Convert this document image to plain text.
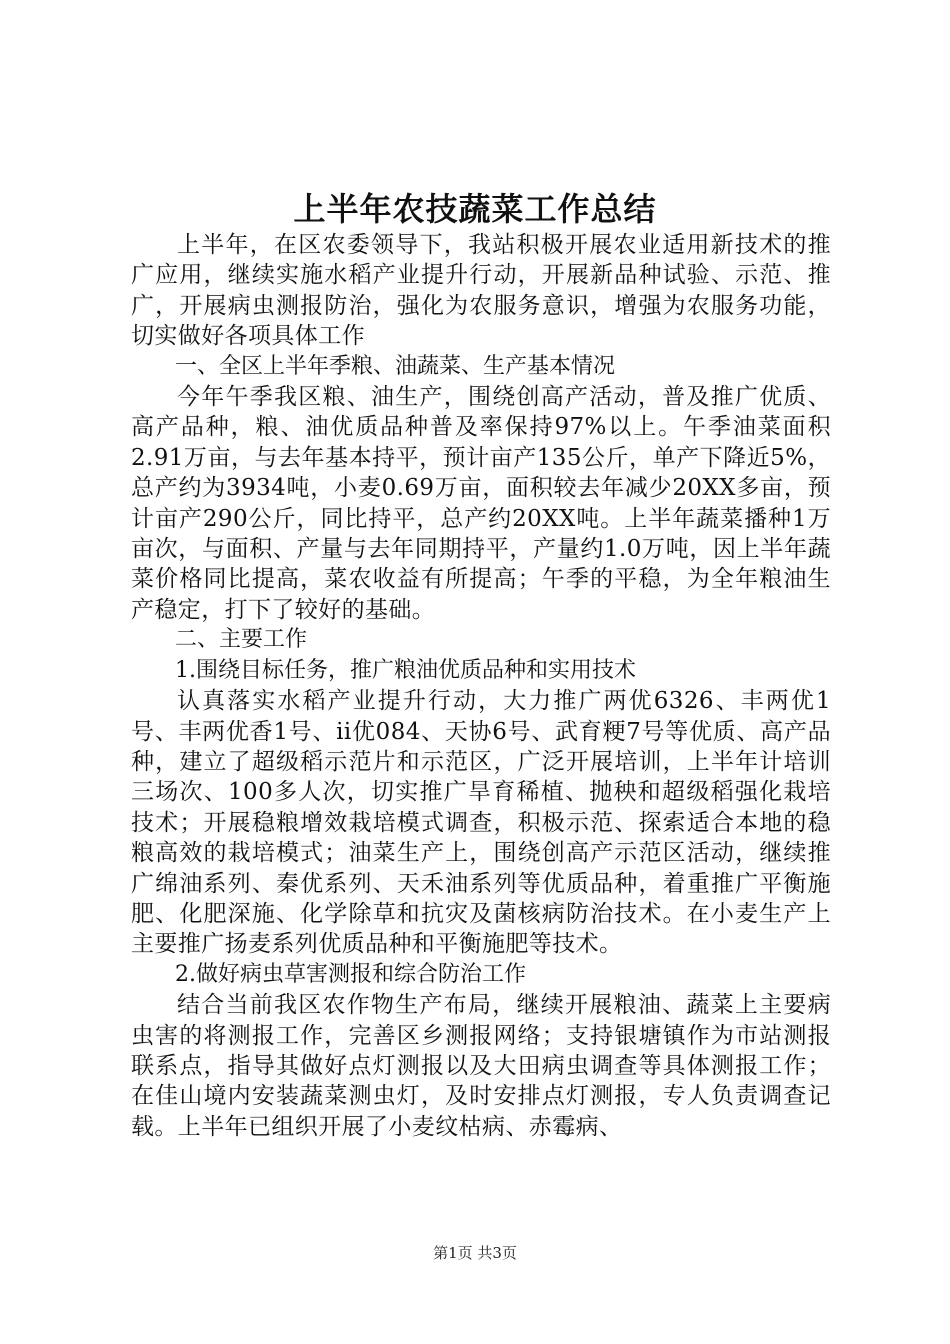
上半年农技蔬菜工作总结

上半年，在区农委领导下，我站积极开展农业适用新技术的推广应用，继续实施水稻产业提升行动，开展新品种试验、示范、推广，开展病虫测报防治，强化为农服务意识，增强为农服务功能，切实做好各项具体工作

一、全区上半年季粮、油蔬菜、生产基本情况

今年午季我区粮、油生产，围绕创高产活动，普及推广优质、高产品种，粮、油优质品种普及率保持97%以上。午季油菜面积2.91万亩，与去年基本持平，预计亩产135公斤，单产下降近5%，总产约为3934吨，小麦0.69万亩，面积较去年减少20XX多亩，预计亩产290公斤，同比持平，总产约20XX吨。上半年蔬菜播种1万亩次，与面积、产量与去年同期持平，产量约1.0万吨，因上半年蔬菜价格同比提高，菜农收益有所提高；午季的平稳，为全年粮油生产稳定，打下了较好的基础。

二、主要工作

1.围绕目标任务，推广粮油优质品种和实用技术

认真落实水稻产业提升行动，大力推广两优6326、丰两优1号、丰两优香1号、ii优084、天协6号、武育粳7号等优质、高产品种，建立了超级稻示范片和示范区，广泛开展培训，上半年计培训三场次、100多人次，切实推广旱育稀植、抛秧和超级稻强化栽培技术；开展稳粮增效栽培模式调查，积极示范、探索适合本地的稳粮高效的栽培模式；油菜生产上，围绕创高产示范区活动，继续推广绵油系列、秦优系列、天禾油系列等优质品种，着重推广平衡施肥、化肥深施、化学除草和抗灾及菌核病防治技术。在小麦生产上主要推广扬麦系列优质品种和平衡施肥等技术。

2.做好病虫草害测报和综合防治工作

结合当前我区农作物生产布局，继续开展粮油、蔬菜上主要病虫害的将测报工作，完善区乡测报网络；支持银塘镇作为市站测报联系点，指导其做好点灯测报以及大田病虫调查等具体测报工作；在佳山境内安装蔬菜测虫灯，及时安排点灯测报，专人负责调查记载。上半年已组织开展了小麦纹枯病、赤霉病、

第1页 共3页
